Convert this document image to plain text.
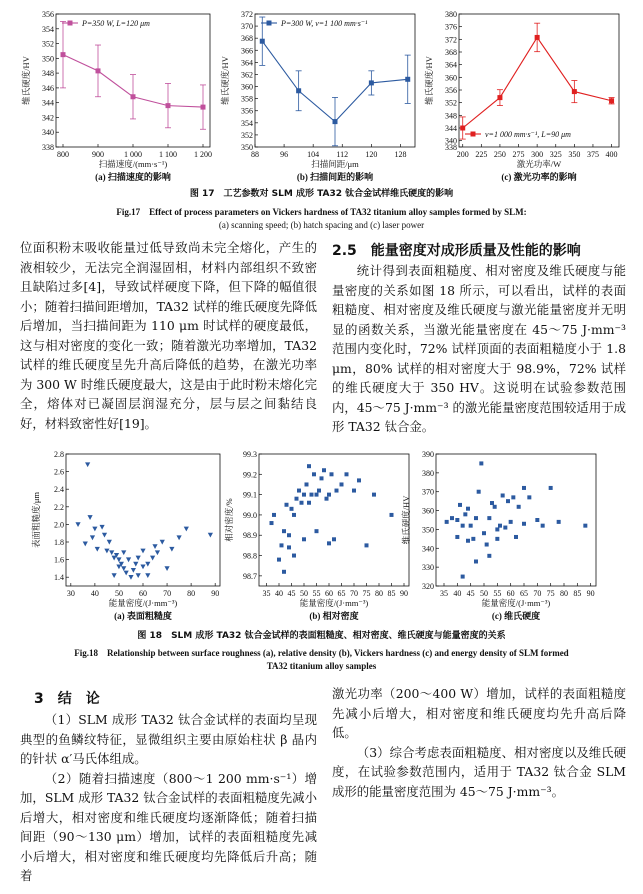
338
340
342
344
346
348
350
352
354
356
800	900	1 000 1 100 1 200
扫描速度/(mm·s⁻¹)
维氏硬度/HV
(a) 扫描速度的影响
P=350 W, L=120 μm
350
352
354
356
358
360
362
364
366
368
370
372
88	96 104 112 120 128
扫描间距/μm
维氏硬度/HV
(b) 扫描间距的影响
P=300 W, v=1 100 mm·s⁻¹
338
340
344
348
352
356
360
364
368
372
376
380
200 225 250 275 300 325 350 375 400
激光功率/W
维氏硬度/HV
(c) 激光功率的影响
v=1 000 mm·s⁻¹, L=90 μm
图 17　工艺参数对 SLM 成形 TA32 钛合金试样维氏硬度的影响
Fig.17　Effect of process parameters on Vickers hardness of TA32 titanium alloy samples formed by SLM:
(a) scanning speed; (b) hatch spacing and (c) laser power

位面积粉末吸收能量过低导致尚未完全熔化，产生的液相较少，无法完全润湿固相，材料内部组织不致密且缺陷过多[4]，导致试样硬度下降，但下降的幅值很小；随着扫描间距增加，TA32 试样的维氏硬度先降低后增加，当扫描间距为 110 μm 时试样的硬度最低，这与相对密度的变化一致；随着激光功率增加，TA32 试样的维氏硬度呈先升高后降低的趋势，在激光功率为 300 W 时维氏硬度最大，这是由于此时粉末熔化完全，熔体对已凝固层润湿充分，层与层之间黏结良好，材料致密性好[19]。

2.5　能量密度对成形质量及性能的影响

统计得到表面粗糙度、相对密度及维氏硬度与能量密度的关系如图 18 所示，可以看出，试样的表面粗糙度、相对密度及维氏硬度与激光能量密度并无明显的函数关系，当激光能量密度在 45～75 J·mm⁻³ 范围内变化时，72% 试样顶面的表面粗糙度小于 1.8 μm，80% 试样的相对密度大于 98.9%，72% 试样的维氏硬度大于 350 HV。这说明在试验参数范围内，45～75 J·mm⁻³ 的激光能量密度范围较适用于成形 TA32 钛合金。

1.4
1.6
1.8
2.0
2.2
2.4
2.6
2.8
30 40 50 60 70 80 90
能量密度/(J·mm⁻³)
表面粗糙度/μm
(a) 表面粗糙度
98.7
98.8
98.9
99.0
99.1
99.2
99.3
35 40 45 50 55 60 65 70 75 80 85 90
能量密度/(J·mm⁻³)
相对密度/%
(b) 相对密度
320
330
340
350
360
370
380
390
35 40 45 50 55 60 65 70 75 80 85 90
能量密度/(J·mm⁻³)
维氏硬度/HV
(c) 维氏硬度
图 18　SLM 成形 TA32 钛合金试样的表面粗糙度、相对密度、维氏硬度与能量密度的关系
Fig.18　Relationship between surface roughness (a), relative density (b), Vickers hardness (c) and energy density of SLM formed
TA32 titanium alloy samples
3　结　论

（1）SLM 成形 TA32 钛合金试样的表面均呈现典型的鱼鳞纹特征，显微组织主要由原始柱状 β 晶内的针状 α′马氏体组成。

（2）随着扫描速度（800～1 200 mm·s⁻¹）增加，SLM 成形 TA32 钛合金试样的表面粗糙度先减小后增大，相对密度和维氏硬度均逐渐降低；随着扫描间距（90～130 μm）增加，试样的表面粗糙度先减小后增大，相对密度和维氏硬度均先降低后升高；随着

激光功率（200～400 W）增加，试样的表面粗糙度先减小后增大，相对密度和维氏硬度均先升高后降低。

（3）综合考虑表面粗糙度、相对密度以及维氏硬度，在试验参数范围内，适用于 TA32 钛合金 SLM 成形的能量密度范围为 45～75 J·mm⁻³。
